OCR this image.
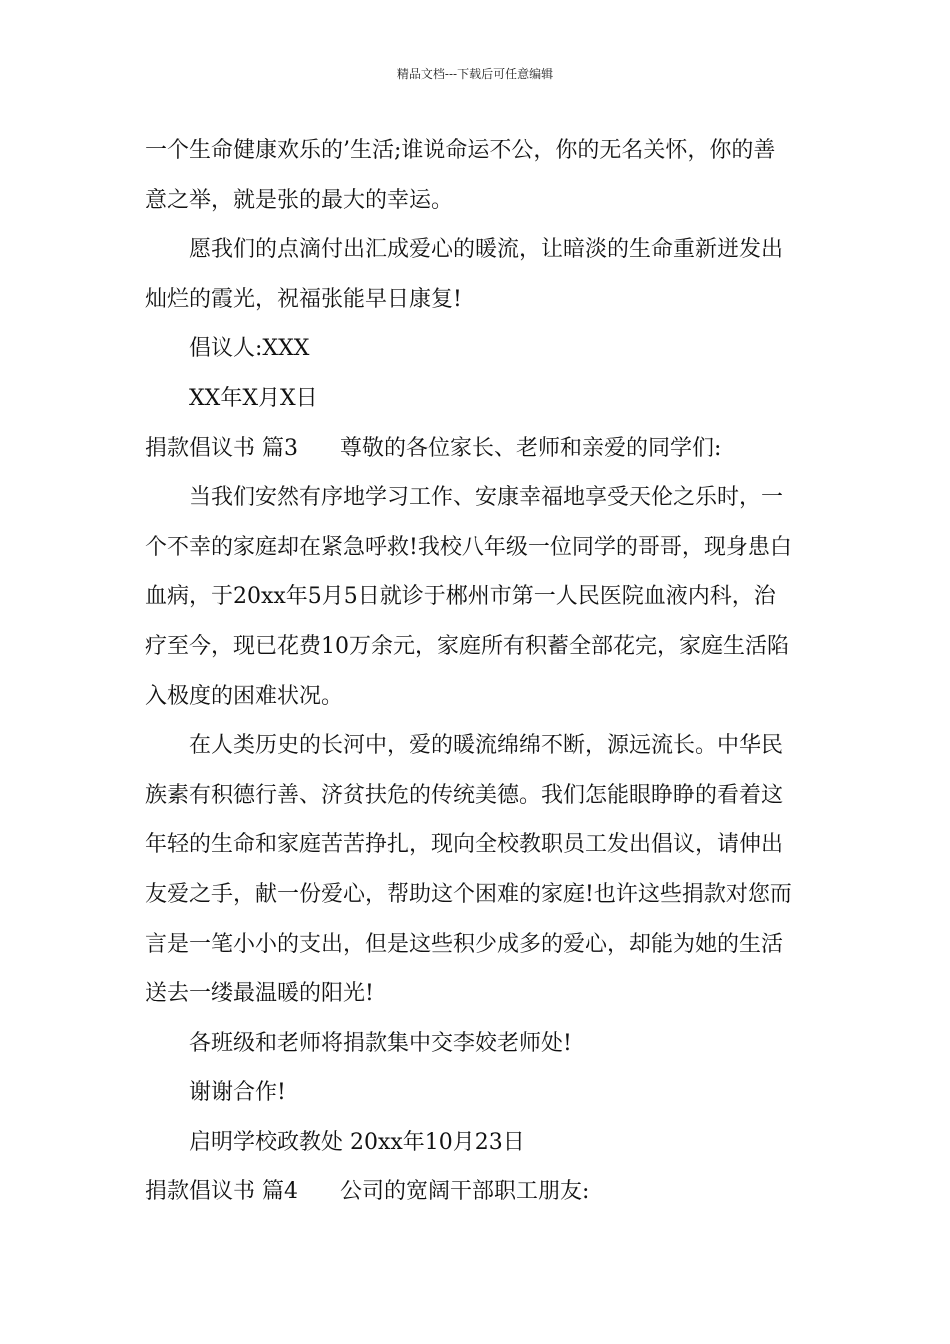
精品文档---下载后可任意编辑
一个生命健康欢乐的’生活;谁说命运不公，你的无名关怀，你的善
意之举，就是张的最大的幸运。
愿我们的点滴付出汇成爱心的暖流，让暗淡的生命重新迸发出
灿烂的霞光，祝福张能早日康复!
倡议人:XXX
XX年X月X日
捐款倡议书 篇3 尊敬的各位家长、老师和亲爱的同学们:
当我们安然有序地学习工作、安康幸福地享受天伦之乐时，一
个不幸的家庭却在紧急呼救!我校八年级一位同学的哥哥，现身患白
血病，于20xx年5月5日就诊于郴州市第一人民医院血液内科，治
疗至今，现已花费10万余元，家庭所有积蓄全部花完，家庭生活陷
入极度的困难状况。
在人类历史的长河中，爱的暖流绵绵不断，源远流长。中华民
族素有积德行善、济贫扶危的传统美德。我们怎能眼睁睁的看着这
年轻的生命和家庭苦苦挣扎，现向全校教职员工发出倡议，请伸出
友爱之手，献一份爱心，帮助这个困难的家庭!也许这些捐款对您而
言是一笔小小的支出，但是这些积少成多的爱心，却能为她的生活
送去一缕最温暖的阳光!
各班级和老师将捐款集中交李姣老师处!
谢谢合作!
启明学校政教处 20xx年10月23日
捐款倡议书 篇4 公司的宽阔干部职工朋友:
